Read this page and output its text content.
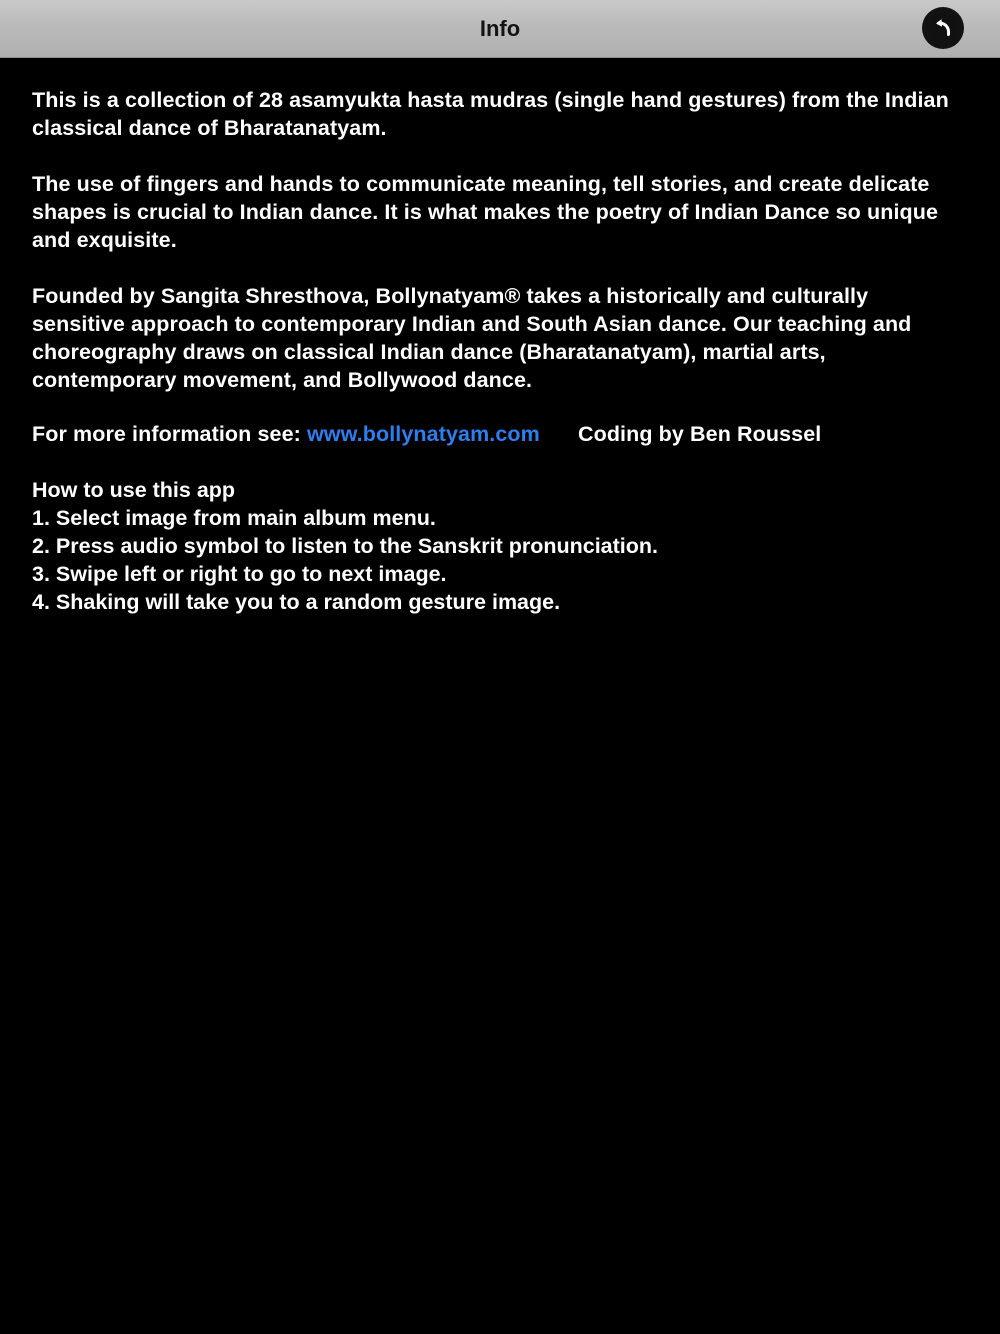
Info

This is a collection of 28 asamyukta hasta mudras (single hand gestures) from the Indian classical dance of Bharatanatyam.

The use of fingers and hands to communicate meaning, tell stories, and create delicate shapes is crucial to Indian dance. It is what makes the poetry of Indian Dance so unique and exquisite.

Founded by Sangita Shresthova, Bollynatyam® takes a historically and culturally sensitive approach to contemporary Indian and South Asian dance. Our teaching and choreography draws on classical Indian dance (Bharatanatyam), martial arts, contemporary movement, and Bollywood dance.

For more information see: www.bollynatyam.com Coding by Ben Roussel

How to use this app

1. Select image from main album menu.
2. Press audio symbol to listen to the Sanskrit pronunciation.
3. Swipe left or right to go to next image.
4. Shaking will take you to a random gesture image.
